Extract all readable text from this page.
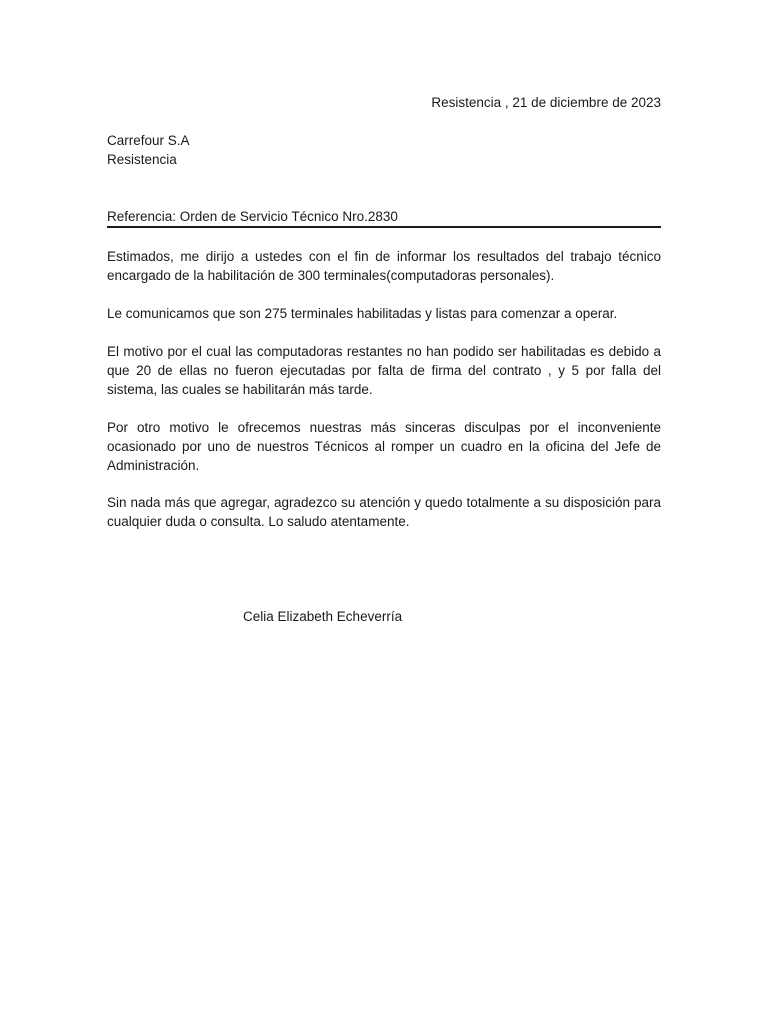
Resistencia , 21 de diciembre de 2023
Carrefour S.A
Resistencia
Referencia: Orden de Servicio Técnico Nro.2830

Estimados, me dirijo a ustedes con el fin de informar los resultados del trabajo técnico encargado de la habilitación de 300 terminales(computadoras personales).

Le comunicamos que son 275 terminales habilitadas y listas para comenzar a operar.

El motivo por el cual las computadoras restantes no han podido ser habilitadas es debido a que 20 de ellas no fueron ejecutadas por falta de firma del contrato , y 5 por falla del sistema, las cuales se habilitarán más tarde.

Por otro motivo le ofrecemos nuestras más sinceras disculpas por el inconveniente ocasionado por uno de nuestros Técnicos al romper un cuadro en la oficina del Jefe de Administración.

Sin nada más que agregar, agradezco su atención y quedo totalmente a su disposición para cualquier duda o consulta. Lo saludo atentamente.

Celia Elizabeth Echeverría
